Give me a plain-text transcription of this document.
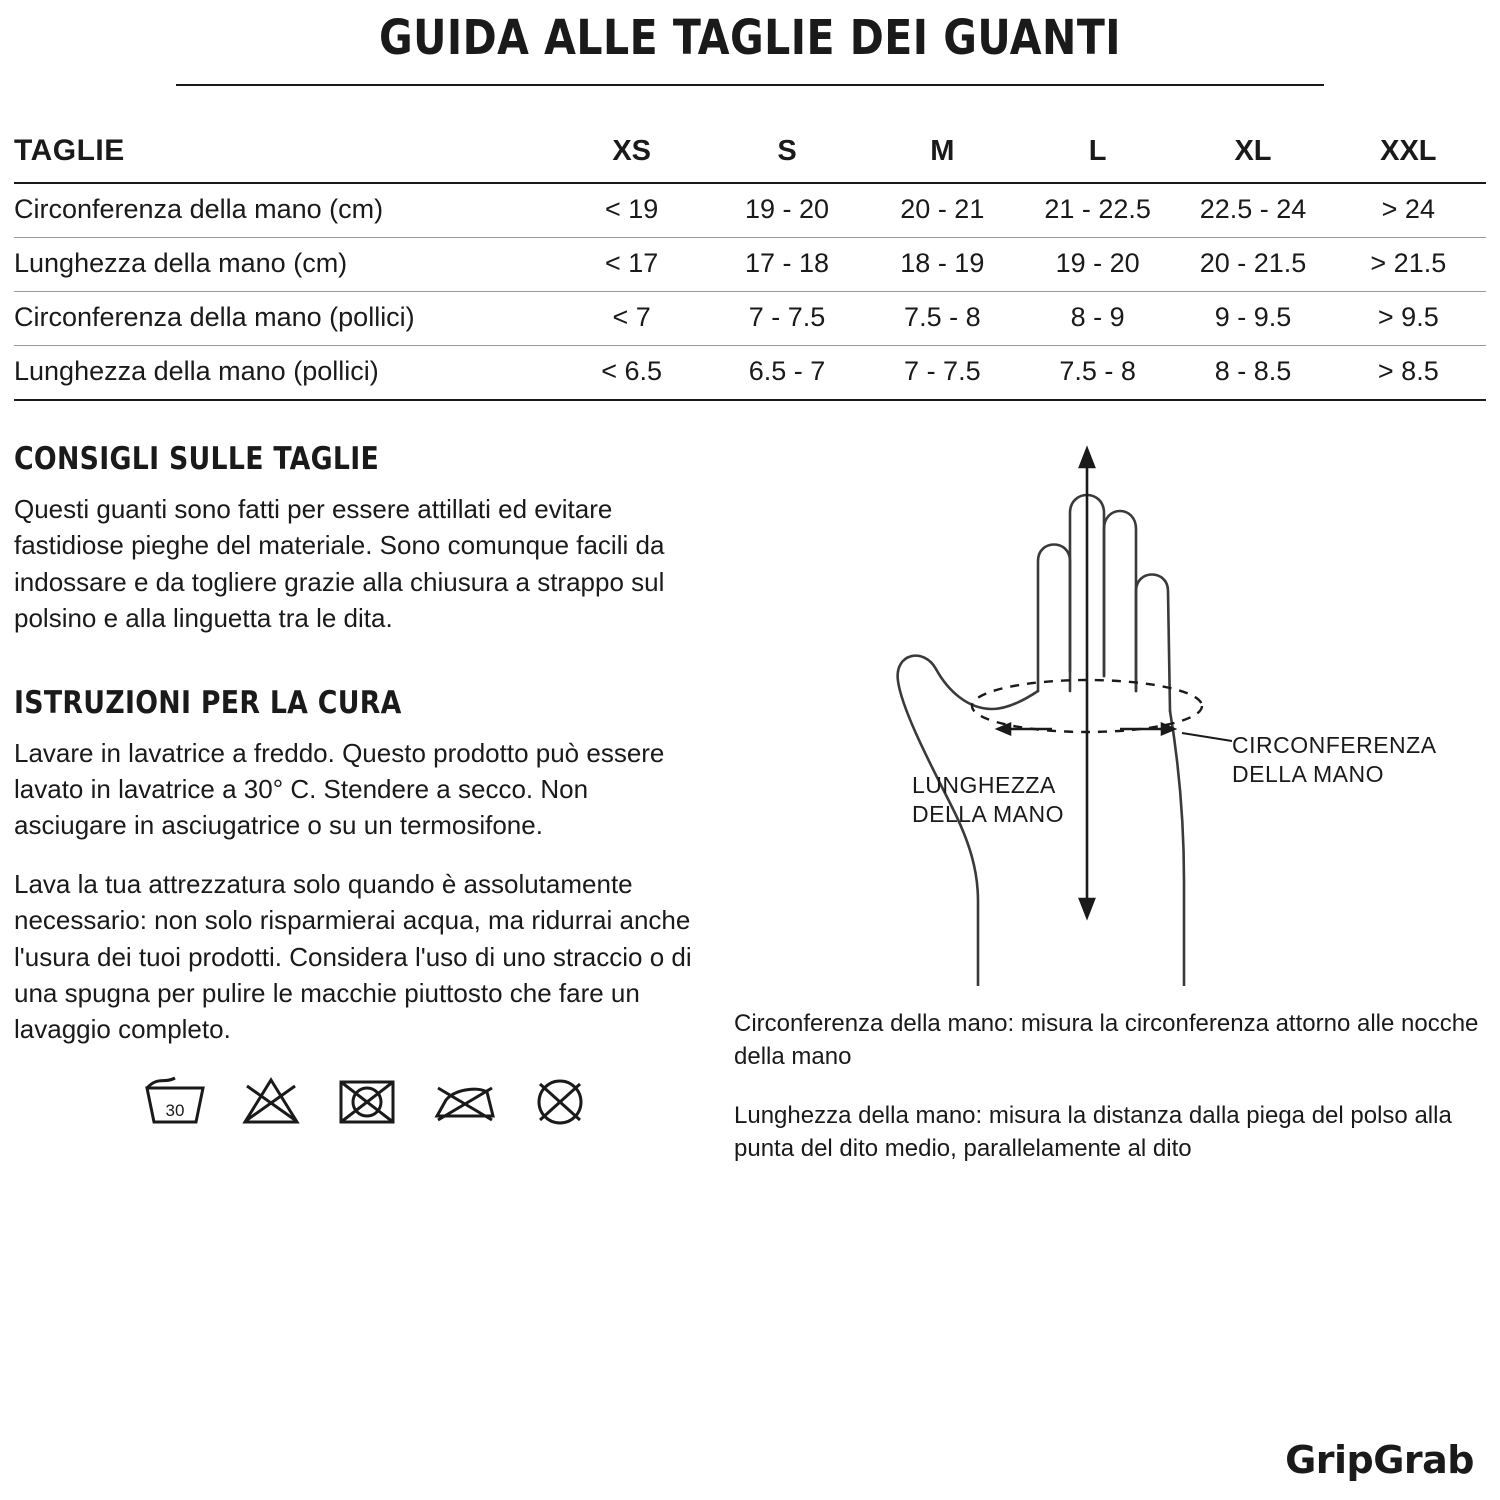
GUIDA ALLE TAGLIE DEI GUANTI
TAGLIE	XS	S	M	L	XL	XXL
Circonferenza della mano (cm)	< 19	19 - 20	20 - 21	21 - 22.5	22.5 - 24	> 24
Lunghezza della mano (cm)	< 17	17 - 18	18 - 19	19 - 20	20 - 21.5	> 21.5
Circonferenza della mano (pollici)	< 7	7 - 7.5	7.5 - 8	8 - 9	9 - 9.5	> 9.5
Lunghezza della mano (pollici)	< 6.5	6.5 - 7	7 - 7.5	7.5 - 8	8 - 8.5	> 8.5
CONSIGLI SULLE TAGLIE

Questi guanti sono fatti per essere attillati ed evitare fastidiose pieghe del materiale. Sono comunque facili da indossare e da togliere grazie alla chiusura a strappo sul polsino e alla linguetta tra le dita.

ISTRUZIONI PER LA CURA

Lavare in lavatrice a freddo. Questo prodotto può essere lavato in lavatrice a 30° C. Stendere a secco. Non asciugare in asciugatrice o su un termosifone.

Lava la tua attrezzatura solo quando è assolutamente necessario: non solo risparmierai acqua, ma ridurrai anche l'usura dei tuoi prodotti. Considera l'uso di uno straccio o di una spugna per pulire le macchie piuttosto che fare un lavaggio completo.

30
LUNGHEZZA
DELLA MANO
CIRCONFERENZA
DELLA MANO

Circonferenza della mano: misura la circonferenza attorno alle nocche della mano

Lunghezza della mano: misura la distanza dalla piega del polso alla punta del dito medio, parallelamente al dito

GripGrab
